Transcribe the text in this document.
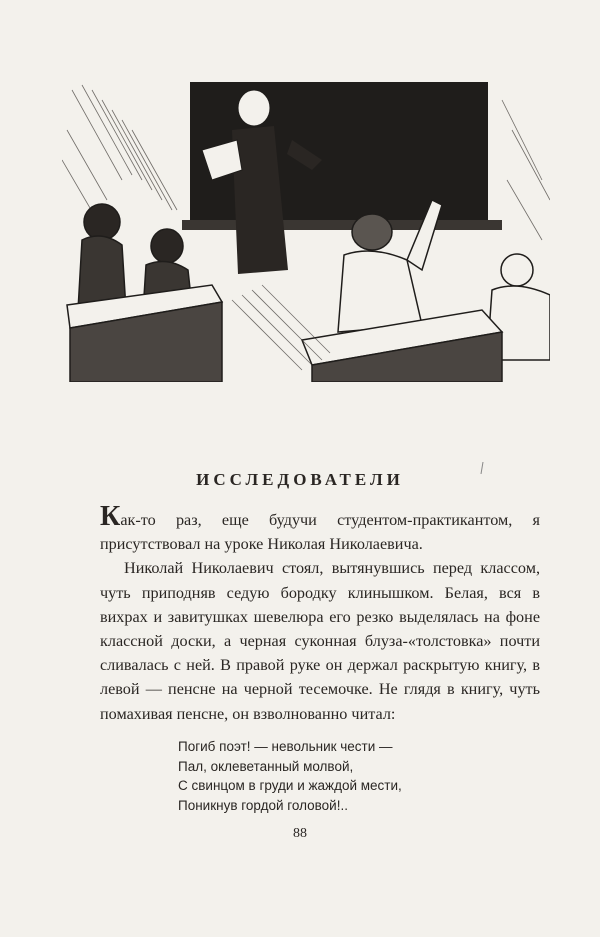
ИССЛЕДОВАТЕЛИ

Как-то раз, еще будучи студентом-практикантом, я присутствовал на уроке Николая Николаевича.

Николай Николаевич стоял, вытянувшись перед классом, чуть приподняв седую бородку клинышком. Белая, вся в вихрах и завитушках шевелюра его резко выделялась на фоне классной доски, а черная суконная блуза-«толстовка» почти сливалась с ней. В правой руке он держал раскрытую книгу, в левой — пенсне на черной тесемочке. Не глядя в книгу, чуть помахивая пенсне, он взволнованно читал:

Погиб поэт! — невольник чести —
Пал, оклеветанный молвой,
С свинцом в груди и жаждой мести,
Поникнув гордой головой!..
88
